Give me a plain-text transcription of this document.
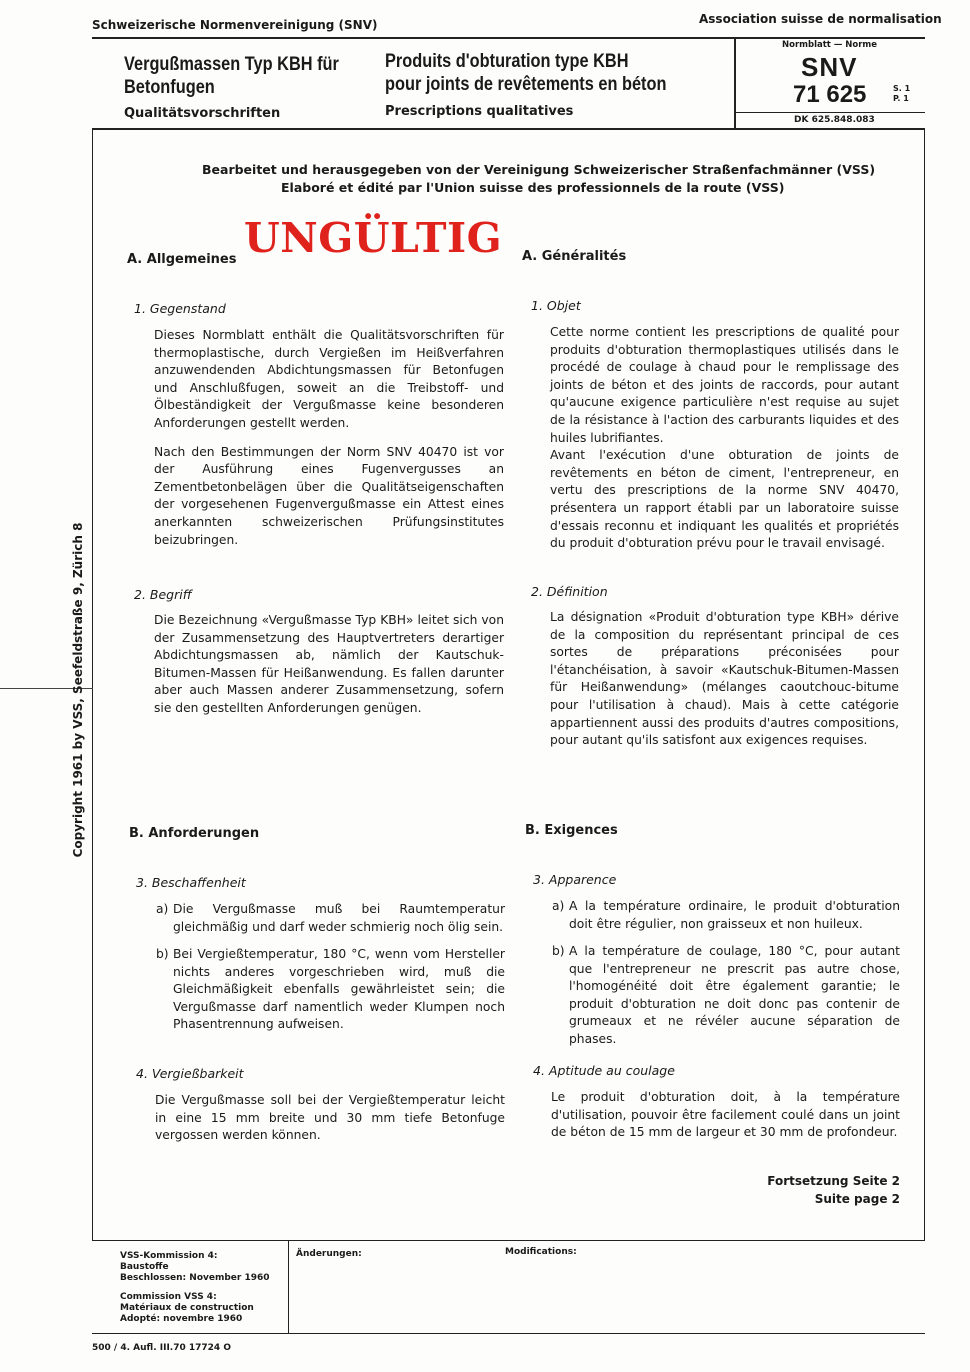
Schweizerische Normenvereinigung (SNV)	Association suisse de normalisation
Vergußmassen Typ KBH für
Betonfugen
Qualitätsvorschriften
Produits d'obturation type KBH
pour joints de revêtements en béton
Prescriptions qualitatives
Normblatt — Norme
SNV
71 625	S. 1
P. 1
DK 625.848.083
Copyright 1961 by VSS, Seefeldstraße 9, Zürich 8
Bearbeitet und herausgegeben von der Vereinigung Schweizerischer Straßenfachmänner (VSS)
Elaboré et édité par l'Union suisse des professionnels de la route (VSS)
UNGÜLTIG
A. Allgemeines	A. Généralités
1. Gegenstand	1. Objet

Dieses Normblatt enthält die Qualitätsvorschriften für thermoplastische, durch Vergießen im Heißverfahren anzuwendenden Abdichtungsmassen für Betonfugen und Anschlußfugen, soweit an die Treibstoff- und Ölbeständigkeit der Vergußmasse keine besonderen Anforderungen gestellt werden.

Nach den Bestimmungen der Norm SNV 40470 ist vor der Ausführung eines Fugenvergusses an Zementbetonbelägen über die Qualitätseigenschaften der vorgesehenen Fugenvergußmasse ein Attest eines anerkannten schweizerischen Prüfungsinstitutes beizubringen.

Cette norme contient les prescriptions de qualité pour produits d'obturation thermoplastiques utilisés dans le procédé de coulage à chaud pour le remplissage des joints de béton et des joints de raccords, pour autant qu'aucune exigence particulière n'est requise au sujet de la résistance à l'action des carburants liquides et des huiles lubrifiantes.

Avant l'exécution d'une obturation de joints de revêtements en béton de ciment, l'entrepreneur, en vertu des prescriptions de la norme SNV 40470, présentera un rapport établi par un laboratoire suisse d'essais reconnu et indiquant les qualités et propriétés du produit d'obturation prévu pour le travail envisagé.

2. Begriff	2. Définition

Die Bezeichnung «Vergußmasse Typ KBH» leitet sich von der Zusammensetzung des Hauptvertreters derartiger Abdichtungsmassen ab, nämlich der Kautschuk-Bitumen-Massen für Heißanwendung. Es fallen darunter aber auch Massen anderer Zusammensetzung, sofern sie den gestellten Anforderungen genügen.

La désignation «Produit d'obturation type KBH» dérive de la composition du représentant principal de ces sortes de préparations préconisées pour l'étanchéisation, à savoir «Kautschuk-Bitumen-Massen für Heißanwendung» (mélanges caoutchouc-bitume pour l'utilisation à chaud). Mais à cette catégorie appartiennent aussi des produits d'autres compositions, pour autant qu'ils satisfont aux exigences requises.

B. Anforderungen	B. Exigences
3. Beschaffenheit	3. Apparence
a) Die Vergußmasse muß bei Raumtemperatur gleichmäßig und darf weder schmierig noch ölig sein.
b) Bei Vergießtemperatur, 180 °C, wenn vom Hersteller nichts anderes vorgeschrieben wird, muß die Gleichmäßigkeit ebenfalls gewährleistet sein; die Vergußmasse darf namentlich weder Klumpen noch Phasentrennung aufweisen.
a) A la température ordinaire, le produit d'obturation doit être régulier, non graisseux et non huileux.
b) A la température de coulage, 180 °C, pour autant que l'entrepreneur ne prescrit pas autre chose, l'homogénéité doit être également garantie; le produit d'obturation ne doit donc pas contenir de grumeaux et ne révéler aucune séparation de phases.
4. Vergießbarkeit	4. Aptitude au coulage

Die Vergußmasse soll bei der Vergießtemperatur leicht in eine 15 mm breite und 30 mm tiefe Betonfuge vergossen werden können.

Le produit d'obturation doit, à la température d'utilisation, pouvoir être facilement coulé dans un joint de béton de 15 mm de largeur et 30 mm de profondeur.

Fortsetzung Seite 2
Suite page 2
VSS-Kommission 4:
Baustoffe
Beschlossen: November 1960
Commission VSS 4:
Matériaux de construction
Adopté: novembre 1960
Änderungen:	Modifications:
500 / 4. Aufl. III.70 17724 O
